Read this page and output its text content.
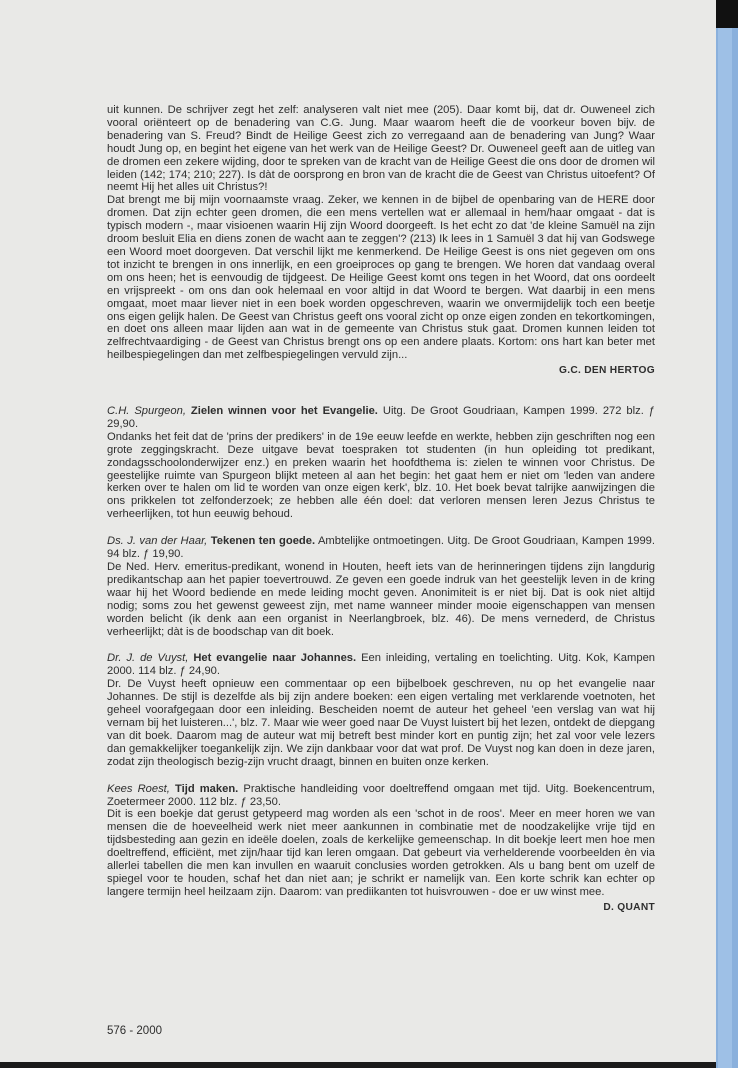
uit kunnen. De schrijver zegt het zelf: analyseren valt niet mee (205). Daar komt bij, dat dr. Ouweneel zich vooral oriënteert op de benadering van C.G. Jung. Maar waarom heeft die de voorkeur boven bijv. de benadering van S. Freud? Bindt de Heilige Geest zich zo verregaand aan de benadering van Jung? Waar houdt Jung op, en begint het eigene van het werk van de Heilige Geest? Dr. Ouweneel geeft aan de uitleg van de dromen een zekere wijding, door te spreken van de kracht van de Heilige Geest die ons door de dromen wil leiden (142; 174; 210; 227). Is dàt de oorsprong en bron van de kracht die de Geest van Christus uitoefent? Of neemt Hij het alles uit Christus?!

Dat brengt me bij mijn voornaamste vraag. Zeker, we kennen in de bijbel de openbaring van de HERE door dromen. Dat zijn echter geen dromen, die een mens vertellen wat er allemaal in hem/haar omgaat - dat is typisch modern -, maar visioenen waarin Hij zijn Woord doorgeeft. Is het echt zo dat 'de kleine Samuël na zijn droom besluit Elia en diens zonen de wacht aan te zeggen'? (213) Ik lees in 1 Samuël 3 dat hij van Godswege een Woord moet doorgeven. Dat verschil lijkt me kenmerkend. De Heilige Geest is ons niet gegeven om ons tot inzicht te brengen in ons innerlijk, en een groeiproces op gang te brengen. We horen dat vandaag overal om ons heen; het is eenvoudig de tijdgeest. De Heilige Geest komt ons tegen in het Woord, dat ons oordeelt en vrijspreekt - om ons dan ook helemaal en voor altijd in dat Woord te bergen. Wat daarbij in een mens omgaat, moet maar liever niet in een boek worden opgeschreven, waarin we onvermijdelijk toch een beetje ons eigen gelijk halen. De Geest van Christus geeft ons vooral zicht op onze eigen zonden en tekortkomingen, en doet ons alleen maar lijden aan wat in de gemeente van Christus stuk gaat. Dromen kunnen leiden tot zelfrechtvaardiging - de Geest van Christus brengt ons op een andere plaats. Kortom: ons hart kan beter met heilbespiegelingen dan met zelfbespiegelingen vervuld zijn...

G.C. DEN HERTOG

C.H. Spurgeon, Zielen winnen voor het Evangelie. Uitg. De Groot Goudriaan, Kampen 1999. 272 blz. ƒ 29,90.

Ondanks het feit dat de 'prins der predikers' in de 19e eeuw leefde en werkte, hebben zijn geschriften nog een grote zeggingskracht. Deze uitgave bevat toespraken tot studenten (in hun opleiding tot predikant, zondagsschoolonderwijzer enz.) en preken waarin het hoofdthema is: zielen te winnen voor Christus. De geestelijke ruimte van Spurgeon blijkt meteen al aan het begin: het gaat hem er niet om 'leden van andere kerken over te halen om lid te worden van onze eigen kerk', blz. 10. Het boek bevat talrijke aanwijzingen die ons prikkelen tot zelfonderzoek; ze hebben alle één doel: dat verloren mensen leren Jezus Christus te verheerlijken, tot hun eeuwig behoud.

Ds. J. van der Haar, Tekenen ten goede. Ambtelijke ontmoetingen. Uitg. De Groot Goudriaan, Kampen 1999. 94 blz. ƒ 19,90.

De Ned. Herv. emeritus-predikant, wonend in Houten, heeft iets van de herinneringen tijdens zijn langdurig predikantschap aan het papier toevertrouwd. Ze geven een goede indruk van het geestelijk leven in de kring waar hij het Woord bediende en mede leiding mocht geven. Anonimiteit is er niet bij. Dat is ook niet altijd nodig; soms zou het gewenst geweest zijn, met name wanneer minder mooie eigenschappen van mensen worden belicht (ik denk aan een organist in Neerlangbroek, blz. 46). De mens vernederd, de Christus verheerlijkt; dàt is de boodschap van dit boek.

Dr. J. de Vuyst, Het evangelie naar Johannes. Een inleiding, vertaling en toelichting. Uitg. Kok, Kampen 2000. 114 blz. ƒ 24,90.

Dr. De Vuyst heeft opnieuw een commentaar op een bijbelboek geschreven, nu op het evangelie naar Johannes. De stijl is dezelfde als bij zijn andere boeken: een eigen vertaling met verklarende voetnoten, het geheel voorafgegaan door een inleiding. Bescheiden noemt de auteur het geheel 'een verslag van wat hij vernam bij het luisteren...', blz. 7. Maar wie weer goed naar De Vuyst luistert bij het lezen, ontdekt de diepgang van dit boek. Daarom mag de auteur wat mij betreft best minder kort en puntig zijn; het zal voor vele lezers dan gemakkelijker toegankelijk zijn. We zijn dankbaar voor dat wat prof. De Vuyst nog kan doen in deze jaren, zodat zijn theologisch bezig-zijn vrucht draagt, binnen en buiten onze kerken.

Kees Roest, Tijd maken. Praktische handleiding voor doeltreffend omgaan met tijd. Uitg. Boekencentrum, Zoetermeer 2000. 112 blz. ƒ 23,50.

Dit is een boekje dat gerust getypeerd mag worden als een 'schot in de roos'. Meer en meer horen we van mensen die de hoeveelheid werk niet meer aankunnen in combinatie met de noodzakelijke vrije tijd en tijdsbesteding aan gezin en ideële doelen, zoals de kerkelijke gemeenschap. In dit boekje leert men hoe men doeltreffend, efficiënt, met zijn/haar tijd kan leren omgaan. Dat gebeurt via verhelderende voorbeelden èn via allerlei tabellen die men kan invullen en waaruit conclusies worden getrokken. Als u bang bent om uzelf de spiegel voor te houden, schaf het dan niet aan; je schrikt er namelijk van. Een korte schrik kan echter op langere termijn heel heilzaam zijn. Daarom: van prediikanten tot huisvrouwen - doe er uw winst mee.

D. QUANT

576 - 2000
